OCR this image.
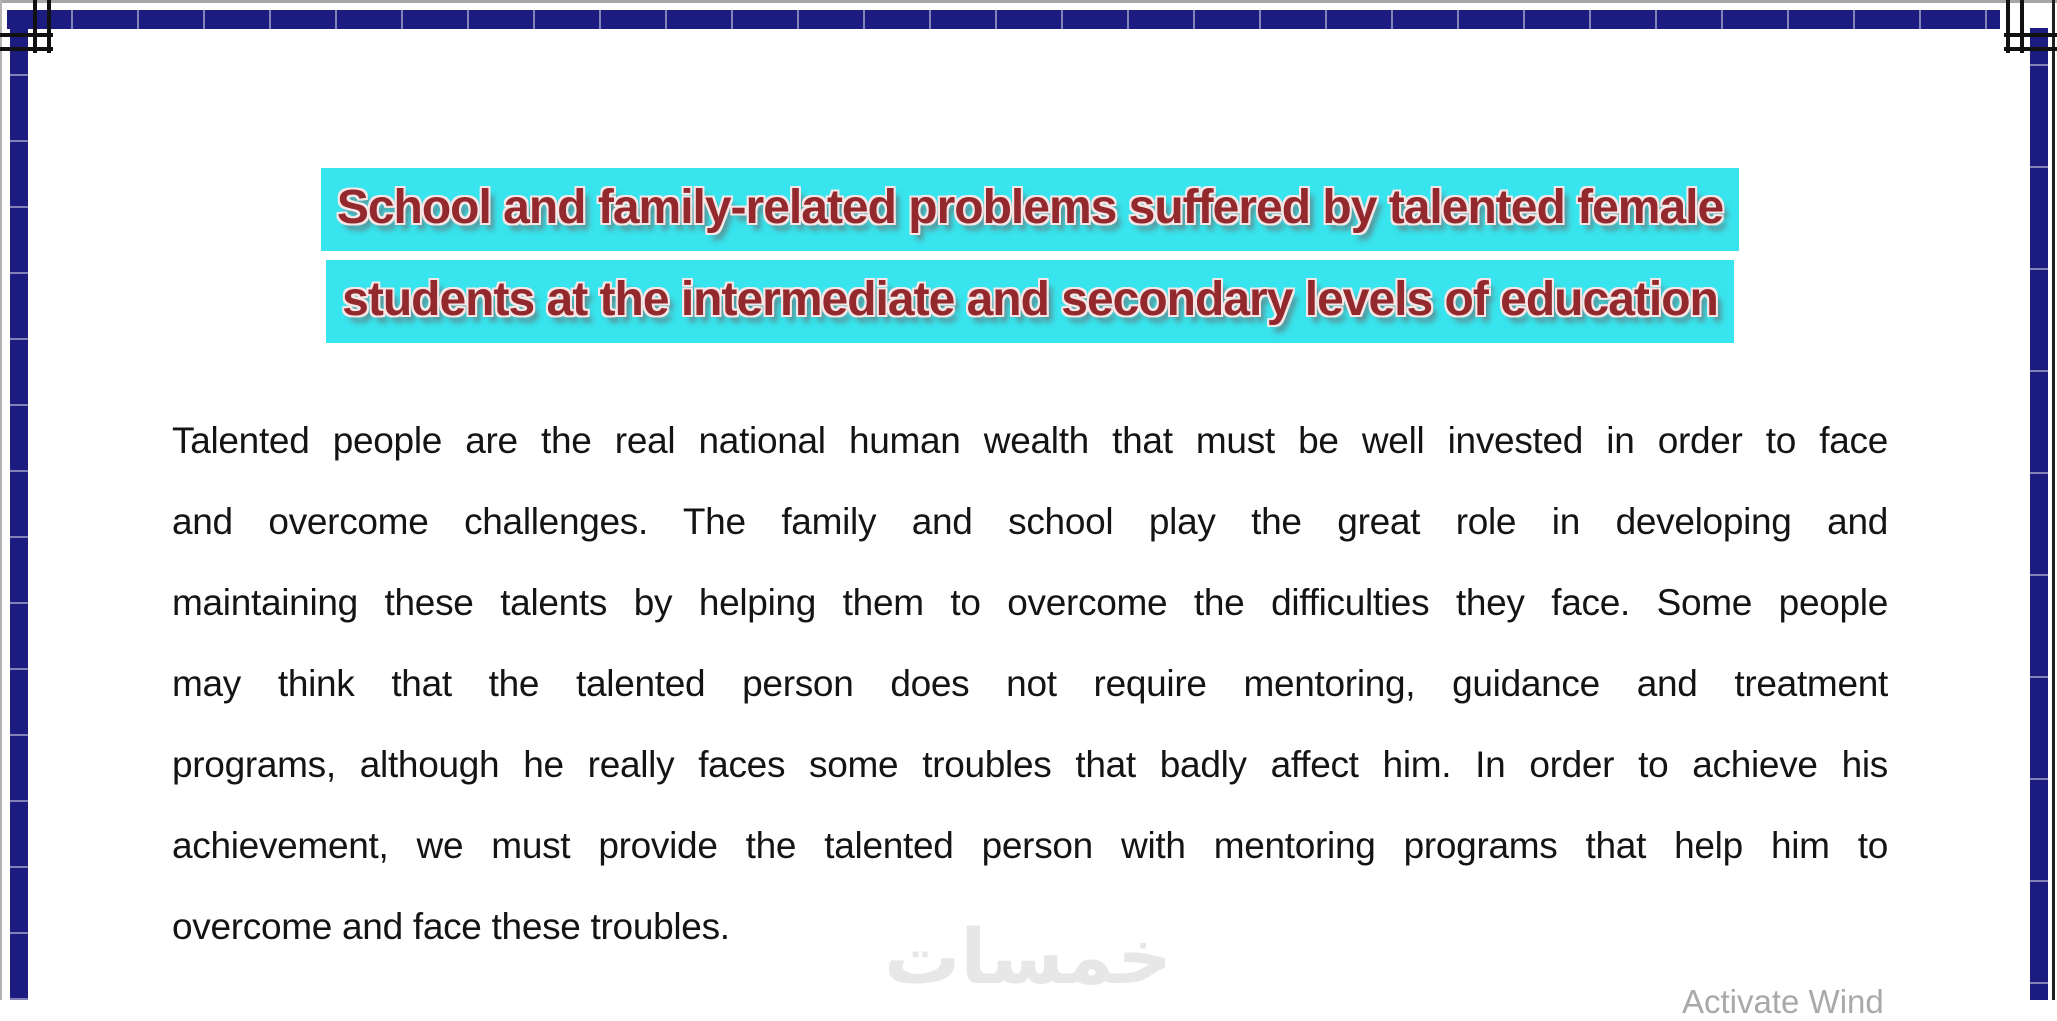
School and family-related problems suffered by talented female
students at the intermediate and secondary levels of education
Talented people are the real national human wealth that must be well invested in order to face
and overcome challenges. The family and school play the great role in developing and
maintaining these talents by helping them to overcome the difficulties they face. Some people
may think that the talented person does not require mentoring, guidance and treatment
programs, although he really faces some troubles that badly affect him. In order to achieve his
achievement, we must provide the talented person with mentoring programs that help him to
overcome and face these troubles.	خمسات
Activate Wind
